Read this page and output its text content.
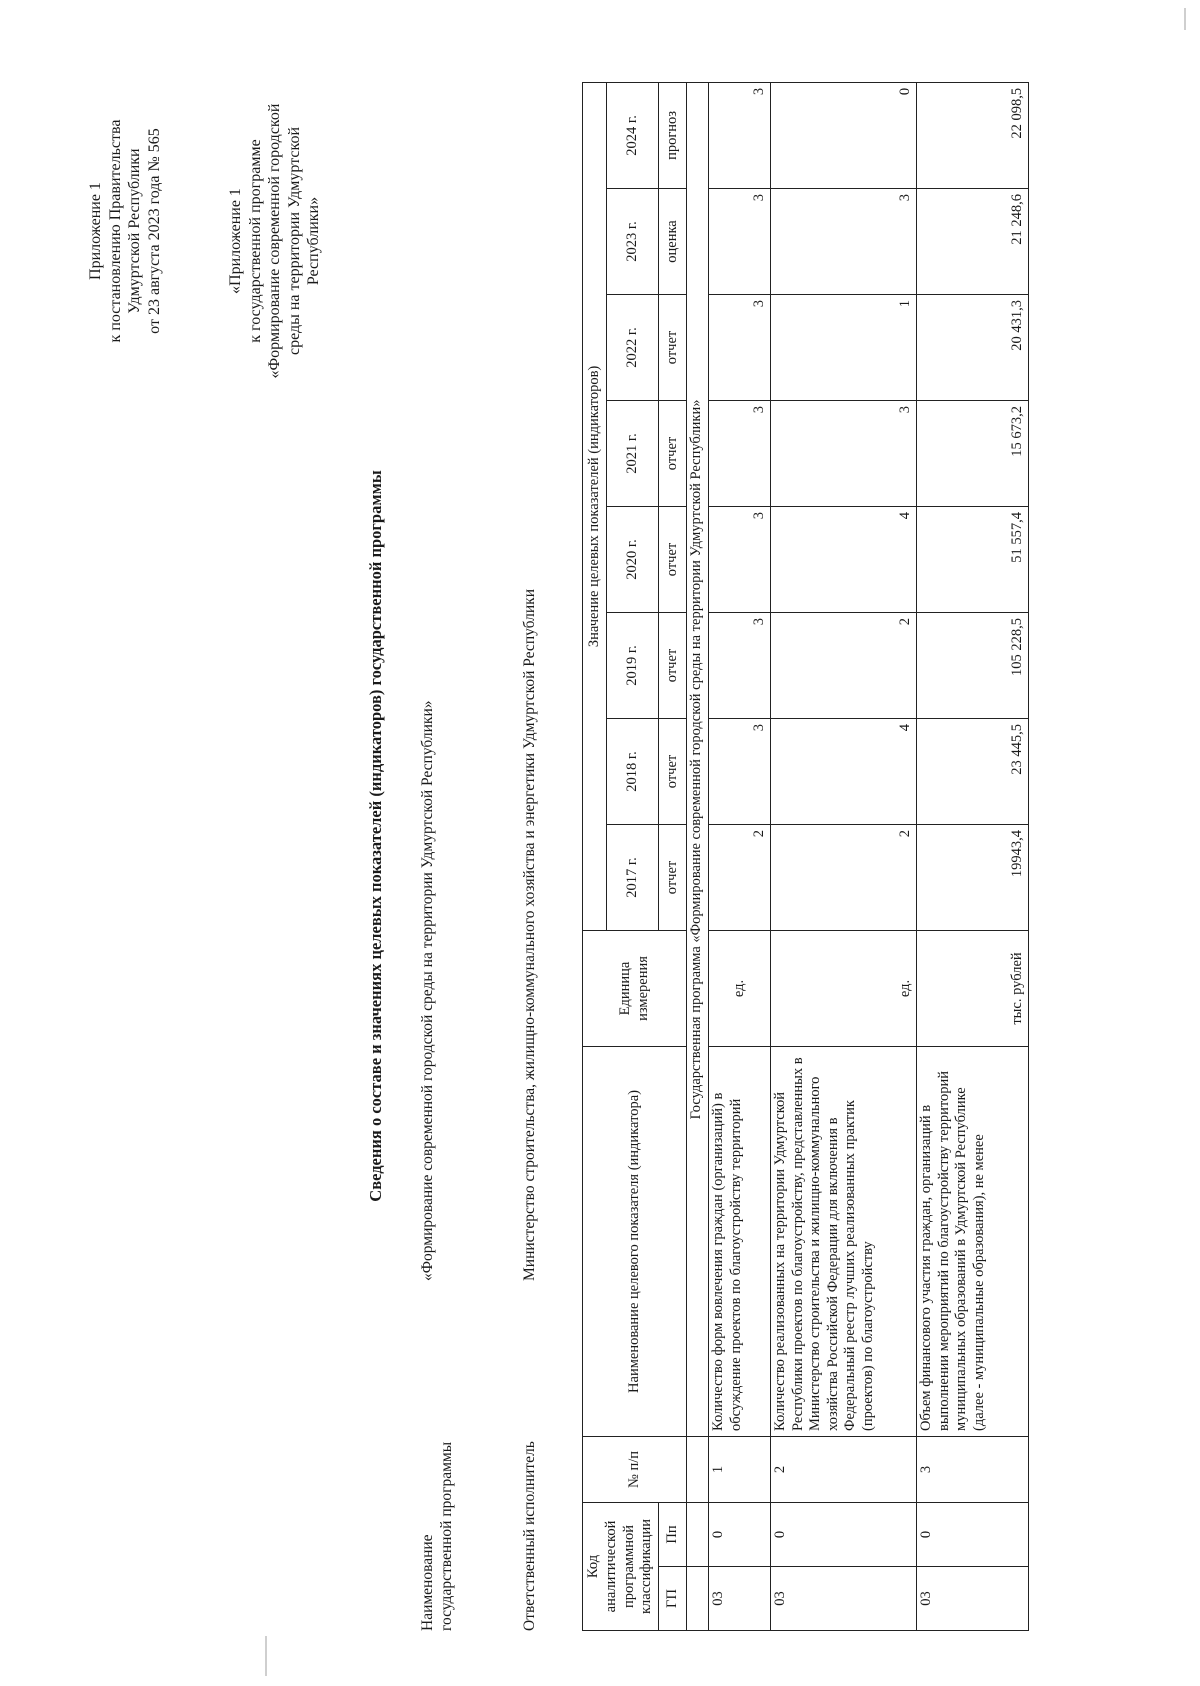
Приложение 1 к постановлению Правительства Удмуртской Республики от 23 августа 2023 года № 565	«Приложение 1 к государственной программе «Формирование современной городской среды на территории Удмуртской Республики»
Сведения о составе и значениях целевых показателей (индикаторов) государственной программы
Наименование государственной программы
«Формирование современной городской среды на территории Удмуртской Республики»
Ответственный исполнитель
Министерство строительства, жилищно-коммунального хозяйства и энергетики Удмуртской Республики
Код аналитической программной классификации		№ п/п	Наименование целевого показателя (индикатора)	Единица измерения	Значение целевых показателей (индикаторов)							
					2017 г.	2018 г.	2019 г.	2020 г.	2021 г.	2022 г.	2023 г.	2024 г.
ГП	Пп				отчет	отчет	отчет	отчет	отчет	отчет	оценка	прогноз
			Государственная программа «Формирование современной городской среды на территории Удмуртской Республики»									
03	0	1	Количество форм вовлечения граждан (организаций) в обсуждение проектов по благоустройству территорий	ед.	2	3	3	3	3	3	3	3
03	0	2	Количество реализованных на территории Удмуртской Республики проектов по благоустройству, представленных в Министерство строительства и жилищно-коммунального хозяйства Российской Федерации для включения в Федеральный реестр лучших реализованных практик (проектов) по благоустройству	ед.	2	4	2	4	3	1	3	0
03	0	3	Объем финансового участия граждан, организаций в выполнении мероприятий по благоустройству территорий муниципальных образований в Удмуртской Республике (далее - муниципальные образования), не менее	тыс. рублей	19943,4	23 445,5	105 228,5	51 557,4	15 673,2	20 431,3	21 248,6	22 098,5
